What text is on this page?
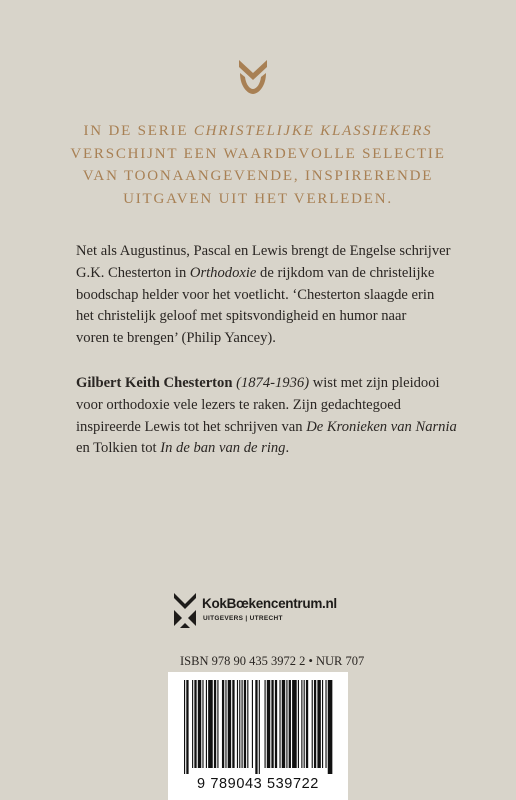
IN DE SERIE CHRISTELIJKE KLASSIEKERS
VERSCHIJNT EEN WAARDEVOLLE SELECTIE
VAN TOONAANGEVENDE, INSPIRERENDE
UITGAVEN UIT HET VERLEDEN.
Net als Augustinus, Pascal en Lewis brengt de Engelse schrijver
G.K. Chesterton in Orthodoxie de rijkdom van de christelijke
boodschap helder voor het voetlicht. ‘Chesterton slaagde erin
het christelijk geloof met spitsvondigheid en humor naar
voren te brengen’ (Philip Yancey).
Gilbert Keith Chesterton (1874-1936) wist met zijn pleidooi
voor orthodoxie vele lezers te raken. Zijn gedachtegoed
inspireerde Lewis tot het schrijven van De Kronieken van Narnia
en Tolkien tot In de ban van de ring.
KokBœkencentrum.nl
UITGEVERS | UTRECHT
ISBN 978 90 435 3972 2 • NUR 707
9 789043 539722
